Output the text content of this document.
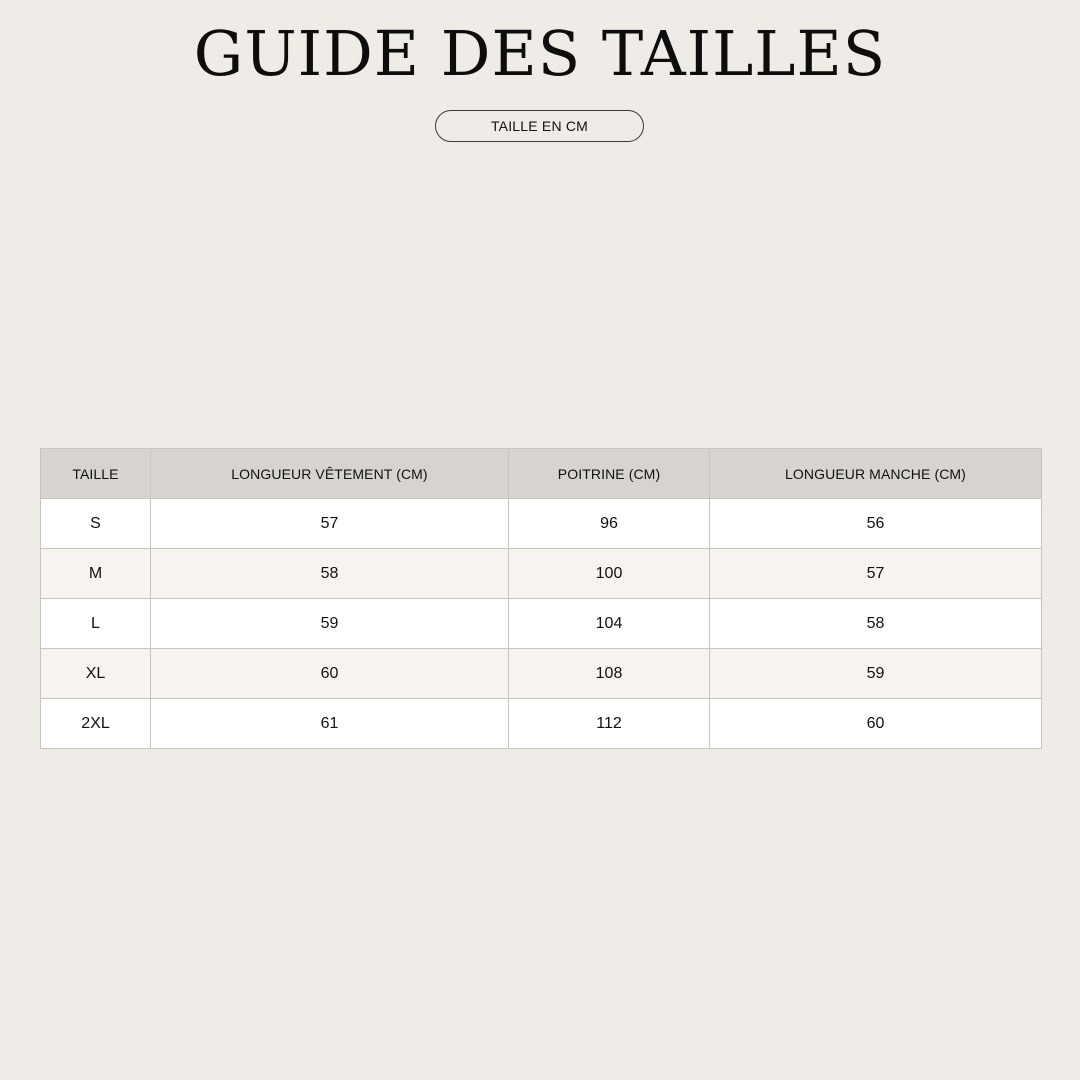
GUIDE DES TAILLES
TAILLE EN CM
TAILLE	LONGUEUR VÊTEMENT (CM)	POITRINE (CM)	LONGUEUR MANCHE (CM)
S	57	96	56
M	58	100	57
L	59	104	58
XL	60	108	59
2XL	61	112	60
